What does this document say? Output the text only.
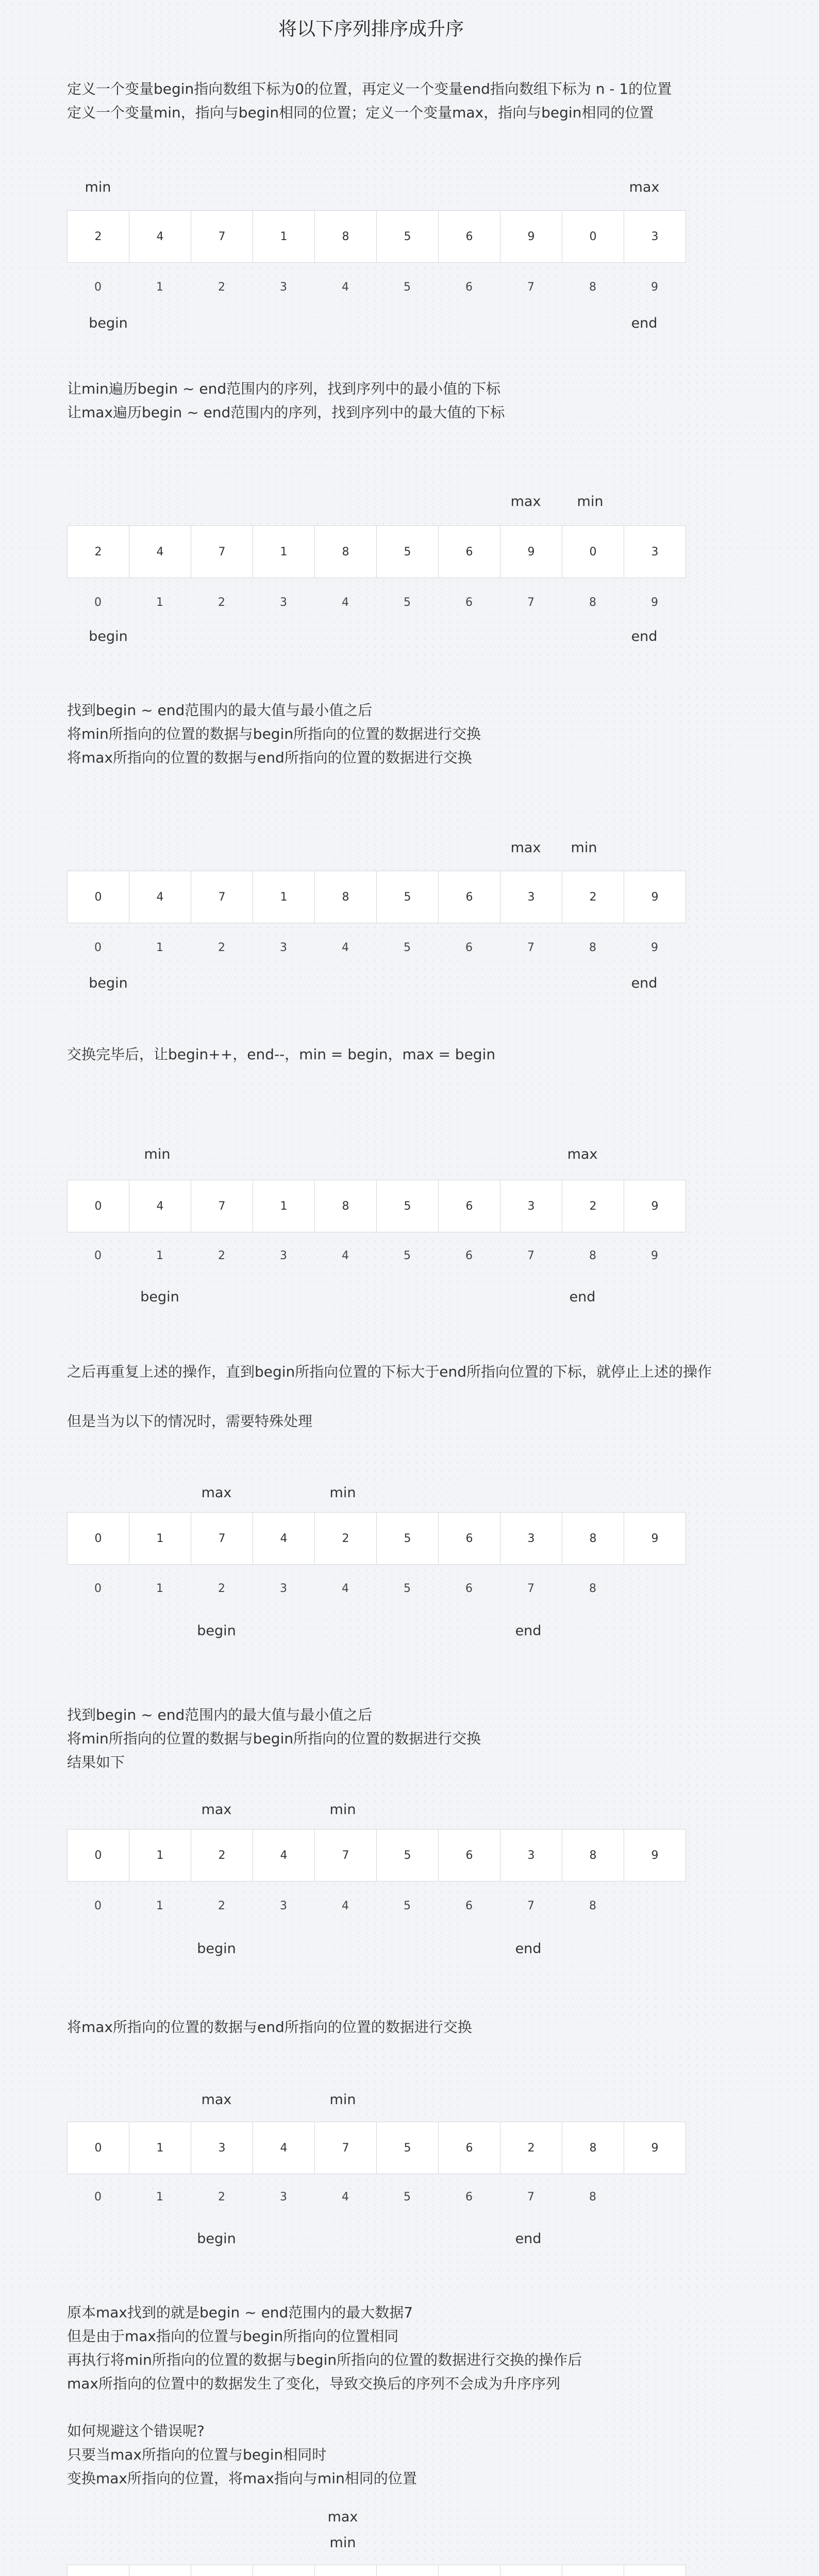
将以下序列排序成升序
定义一个变量begin指向数组下标为0的位置，再定义一个变量end指向数组下标为 n - 1的位置
定义一个变量min，指向与begin相同的位置；定义一个变量max，指向与begin相同的位置
min	max
2	4	7	1	8	5	6	9	0	3
0	1	2	3	4	5	6	7	8	9
begin	end
让min遍历begin ~ end范围内的序列，找到序列中的最小值的下标
让max遍历begin ~ end范围内的序列，找到序列中的最大值的下标
max	min
2	4	7	1	8	5	6	9	0	3
0	1	2	3	4	5	6	7	8	9
begin	end
找到begin ~ end范围内的最大值与最小值之后
将min所指向的位置的数据与begin所指向的位置的数据进行交换
将max所指向的位置的数据与end所指向的位置的数据进行交换
max	min
0	4	7	1	8	5	6	3	2	9
0	1	2	3	4	5	6	7	8	9
begin	end
交换完毕后，让begin++，end--，min = begin，max = begin
min	max
0	4	7	1	8	5	6	3	2	9
0	1	2	3	4	5	6	7	8	9
begin	end
之后再重复上述的操作，直到begin所指向位置的下标大于end所指向位置的下标，就停止上述的操作
但是当为以下的情况时，需要特殊处理
max	min
0	1	7	4	2	5	6	3	8	9
0	1	2	3	4	5	6	7	8
begin	end
找到begin ~ end范围内的最大值与最小值之后
将min所指向的位置的数据与begin所指向的位置的数据进行交换
结果如下
max	min
0	1	2	4	7	5	6	3	8	9
0	1	2	3	4	5	6	7	8
begin	end
将max所指向的位置的数据与end所指向的位置的数据进行交换
max	min
0	1	3	4	7	5	6	2	8	9
0	1	2	3	4	5	6	7	8
begin	end
原本max找到的就是begin ~ end范围内的最大数据7
但是由于max指向的位置与begin所指向的位置相同
再执行将min所指向的位置的数据与begin所指向的位置的数据进行交换的操作后
max所指向的位置中的数据发生了变化，导致交换后的序列不会成为升序序列
如何规避这个错误呢?
只要当max所指向的位置与begin相同时
变换max所指向的位置，将max指向与min相同的位置
max
min
